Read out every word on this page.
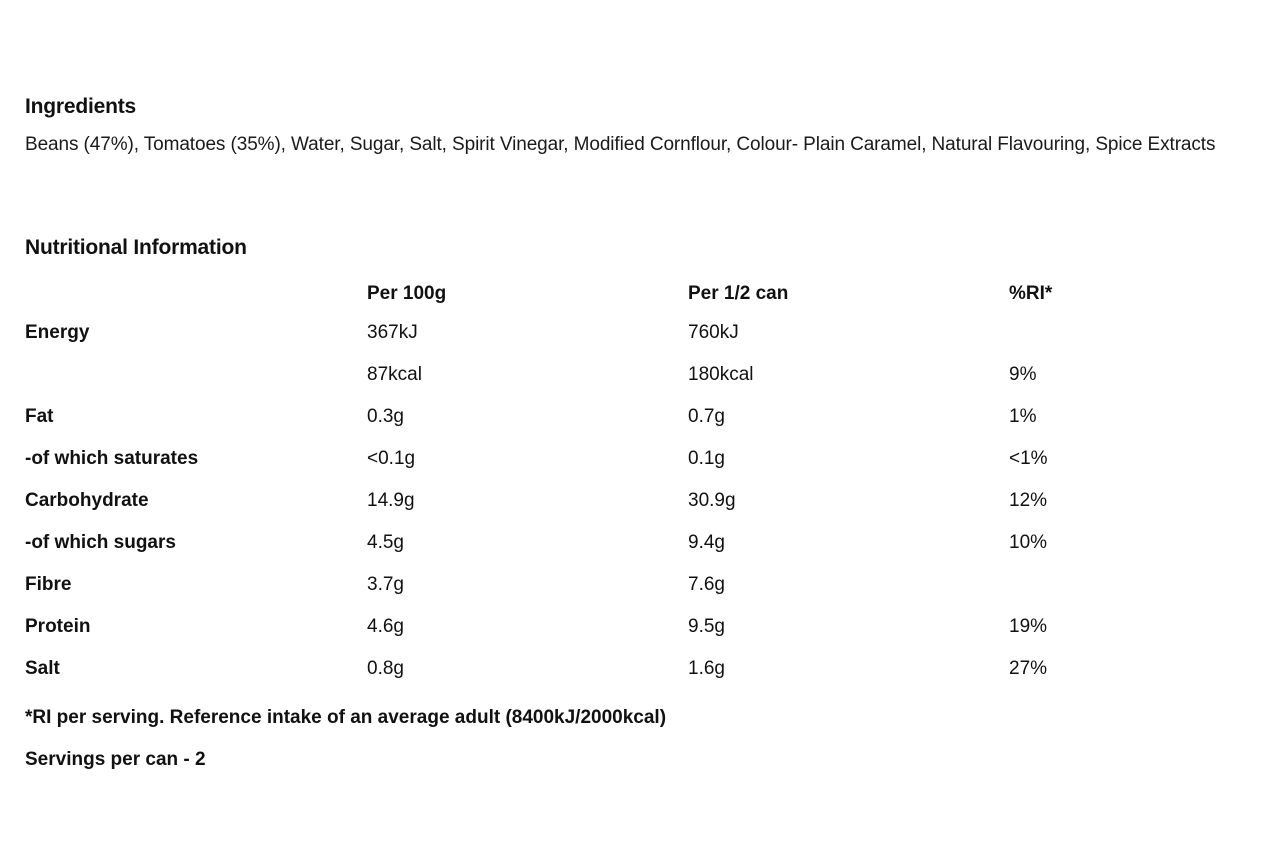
Ingredients

Beans (47%), Tomatoes (35%), Water, Sugar, Salt, Spirit Vinegar, Modified Cornflour, Colour- Plain Caramel, Natural Flavouring, Spice Extracts

Nutritional Information
	Per 100g	Per 1/2 can	%RI*
Energy	367kJ	760kJ	
	87kcal	180kcal	9%
Fat	0.3g	0.7g	1%
-of which saturates	<0.1g	0.1g	<1%
Carbohydrate	14.9g	30.9g	12%
-of which sugars	4.5g	9.4g	10%
Fibre	3.7g	7.6g	
Protein	4.6g	9.5g	19%
Salt	0.8g	1.6g	27%

*RI per serving. Reference intake of an average adult (8400kJ/2000kcal)

Servings per can - 2
